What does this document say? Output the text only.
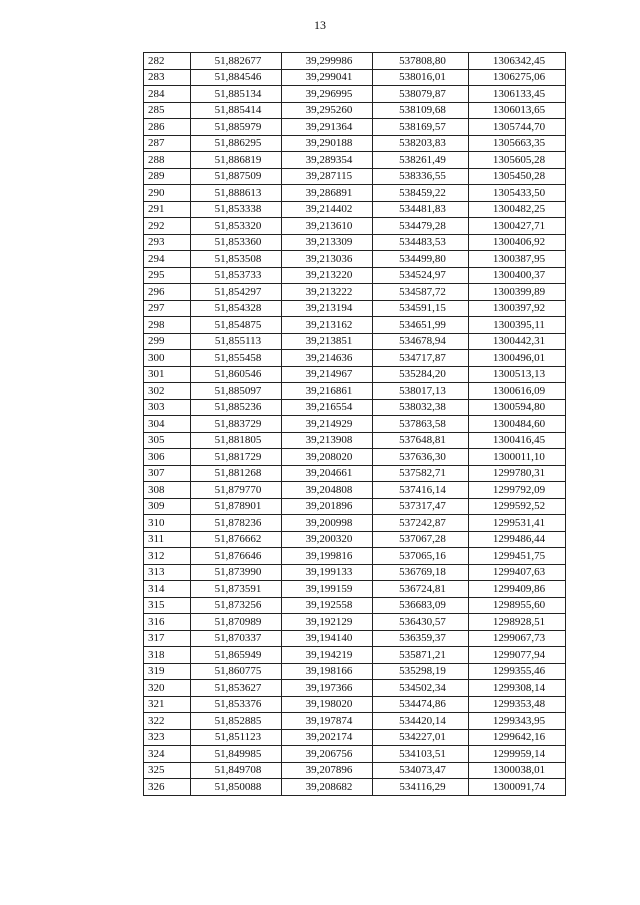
13
282	51,882677	39,299986	537808,80	1306342,45
283	51,884546	39,299041	538016,01	1306275,06
284	51,885134	39,296995	538079,87	1306133,45
285	51,885414	39,295260	538109,68	1306013,65
286	51,885979	39,291364	538169,57	1305744,70
287	51,886295	39,290188	538203,83	1305663,35
288	51,886819	39,289354	538261,49	1305605,28
289	51,887509	39,287115	538336,55	1305450,28
290	51,888613	39,286891	538459,22	1305433,50
291	51,853338	39,214402	534481,83	1300482,25
292	51,853320	39,213610	534479,28	1300427,71
293	51,853360	39,213309	534483,53	1300406,92
294	51,853508	39,213036	534499,80	1300387,95
295	51,853733	39,213220	534524,97	1300400,37
296	51,854297	39,213222	534587,72	1300399,89
297	51,854328	39,213194	534591,15	1300397,92
298	51,854875	39,213162	534651,99	1300395,11
299	51,855113	39,213851	534678,94	1300442,31
300	51,855458	39,214636	534717,87	1300496,01
301	51,860546	39,214967	535284,20	1300513,13
302	51,885097	39,216861	538017,13	1300616,09
303	51,885236	39,216554	538032,38	1300594,80
304	51,883729	39,214929	537863,58	1300484,60
305	51,881805	39,213908	537648,81	1300416,45
306	51,881729	39,208020	537636,30	1300011,10
307	51,881268	39,204661	537582,71	1299780,31
308	51,879770	39,204808	537416,14	1299792,09
309	51,878901	39,201896	537317,47	1299592,52
310	51,878236	39,200998	537242,87	1299531,41
311	51,876662	39,200320	537067,28	1299486,44
312	51,876646	39,199816	537065,16	1299451,75
313	51,873990	39,199133	536769,18	1299407,63
314	51,873591	39,199159	536724,81	1299409,86
315	51,873256	39,192558	536683,09	1298955,60
316	51,870989	39,192129	536430,57	1298928,51
317	51,870337	39,194140	536359,37	1299067,73
318	51,865949	39,194219	535871,21	1299077,94
319	51,860775	39,198166	535298,19	1299355,46
320	51,853627	39,197366	534502,34	1299308,14
321	51,853376	39,198020	534474,86	1299353,48
322	51,852885	39,197874	534420,14	1299343,95
323	51,851123	39,202174	534227,01	1299642,16
324	51,849985	39,206756	534103,51	1299959,14
325	51,849708	39,207896	534073,47	1300038,01
326	51,850088	39,208682	534116,29	1300091,74
